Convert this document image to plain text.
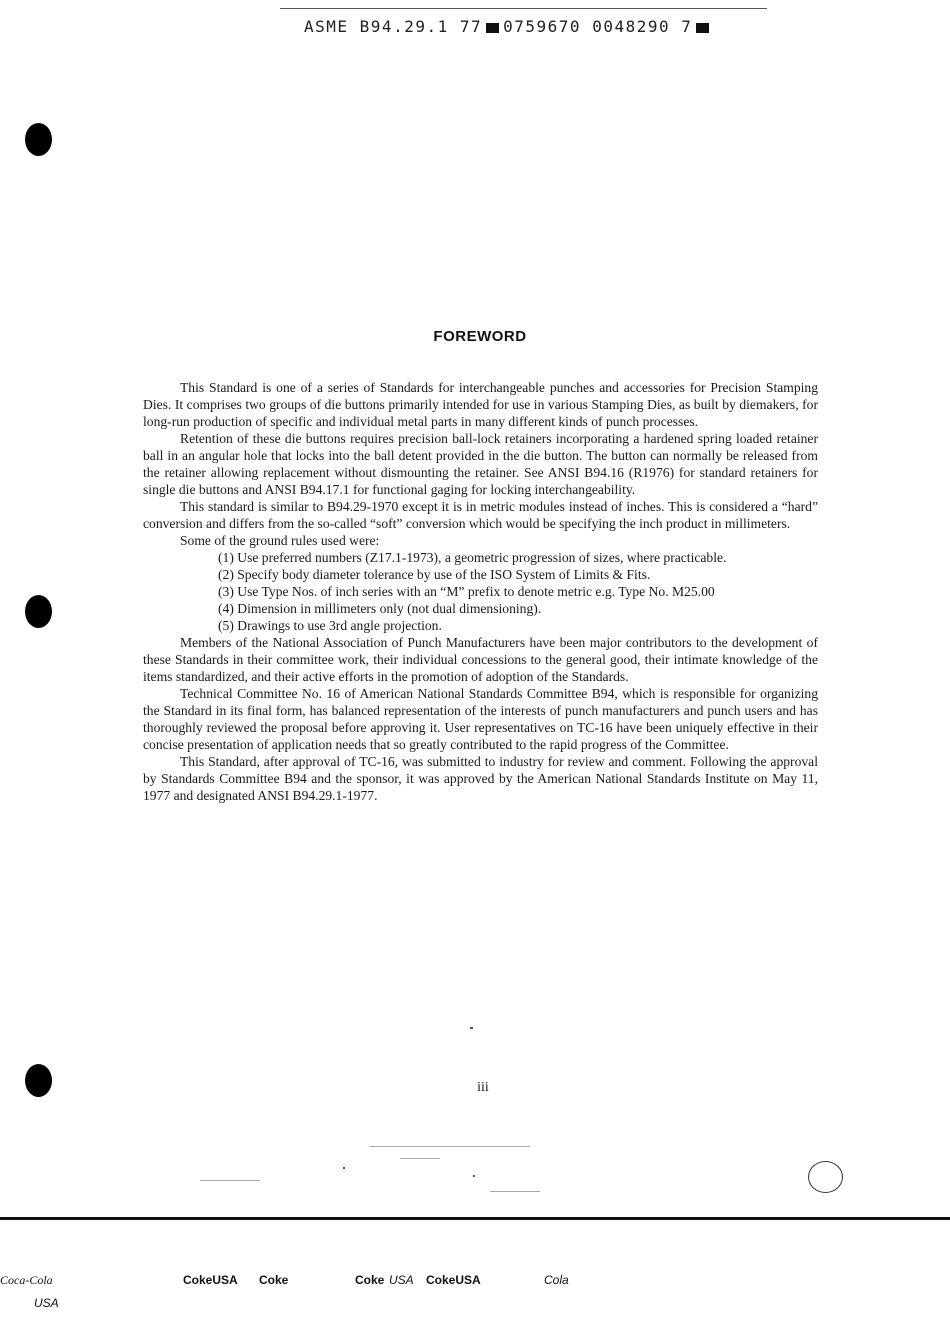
ASME B94.29.1 77 0759670 0048290 7
FOREWORD

This Standard is one of a series of Standards for interchangeable punches and accessories for Precision Stamping Dies. It comprises two groups of die buttons primarily intended for use in various Stamping Dies, as built by diemakers, for long-run production of specific and individual metal parts in many different kinds of punch processes.

Retention of these die buttons requires precision ball-lock retainers incorporating a hardened spring loaded retainer ball in an angular hole that locks into the ball detent provided in the die button. The button can normally be released from the retainer allowing replacement without dismounting the retainer. See ANSI B94.16 (R1976) for standard retainers for single die buttons and ANSI B94.17.1 for functional gaging for locking interchangeability.

This standard is similar to B94.29-1970 except it is in metric modules instead of inches. This is considered a “hard” conversion and differs from the so-called “soft” conversion which would be specifying the inch product in millimeters.

Some of the ground rules used were:

(1) Use preferred numbers (Z17.1-1973), a geometric progression of sizes, where practicable.
(2) Specify body diameter tolerance by use of the ISO System of Limits & Fits.
(3) Use Type Nos. of inch series with an “M” prefix to denote metric e.g. Type No. M25.00
(4) Dimension in millimeters only (not dual dimensioning).
(5) Drawings to use 3rd angle projection.

Members of the National Association of Punch Manufacturers have been major contributors to the development of these Standards in their committee work, their individual concessions to the general good, their intimate knowledge of the items standardized, and their active efforts in the promotion of adoption of the Standards.

Technical Committee No. 16 of American National Standards Committee B94, which is responsible for organizing the Standard in its final form, has balanced representation of the interests of punch manufacturers and punch users and has thoroughly reviewed the proposal before approving it. User representatives on TC-16 have been uniquely effective in their concise presentation of application needs that so greatly contributed to the rapid progress of the Committee.

This Standard, after approval of TC-16, was submitted to industry for review and comment. Following the approval by Standards Committee B94 and the sponsor, it was approved by the American National Standards Institute on May 11, 1977 and designated ANSI B94.29.1-1977.

iii
Coca-Cola
USA
CokeUSA Coke	Coke USA CokeUSA	Cola
